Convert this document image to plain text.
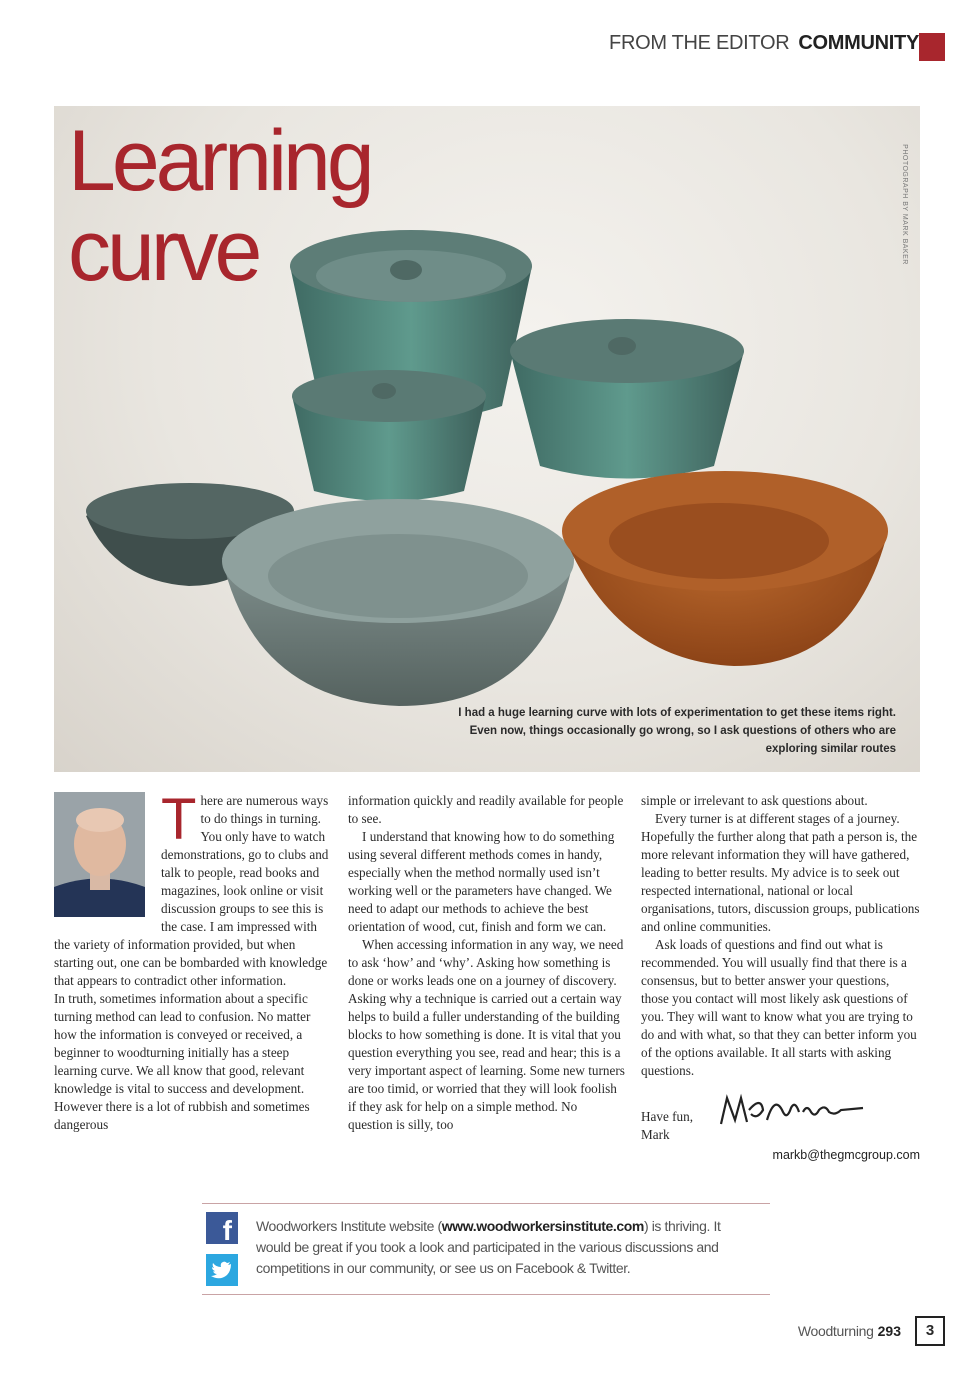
FROM THE EDITOR COMMUNITY
Learning
curve	PHOTOGRAPH BY MARK BAKER
I had a huge learning curve with lots of experimentation to get these items right. Even now, things occasionally go wrong, so I ask questions of others who are exploring similar routes
T here are numerous ways to do things in turning. You only have to watch demonstrations, go to clubs and talk to people, read books and magazines, look online or visit discussion groups to see this is the case. I am impressed with the variety of information provided, but when starting out, one can be bombarded with knowledge that appears to contradict other information.

In truth, sometimes information about a specific turning method can lead to confusion. No matter how the information is conveyed or received, a beginner to woodturning initially has a steep learning curve. We all know that good, relevant knowledge is vital to success and development. However there is a lot of rubbish and sometimes dangerous

information quickly and readily available for people to see.

I understand that knowing how to do something using several different methods comes in handy, especially when the method normally used isn’t working well or the parameters have changed. We need to adapt our methods to achieve the best orientation of wood, cut, finish and form we can.

When accessing information in any way, we need to ask ‘how’ and ‘why’. Asking how something is done or works leads one on a journey of discovery. Asking why a technique is carried out a certain way helps to build a fuller understanding of the building blocks to how something is done. It is vital that you question everything you see, read and hear; this is a very important aspect of learning. Some new turners are too timid, or worried that they will look foolish if they ask for help on a simple method. No question is silly, too

simple or irrelevant to ask questions about.

Every turner is at different stages of a journey. Hopefully the further along that path a person is, the more relevant information they will have gathered, leading to better results. My advice is to seek out respected international, national or local organisations, tutors, discussion groups, publications and online communities.

Ask loads of questions and find out what is recommended. You will usually find that there is a consensus, but to better answer your questions, those you contact will most likely ask questions of you. They will want to know what you are trying to do and with what, so that they can better inform you of the options available. It all starts with asking questions.

Have fun,
Mark
markb@thegmcgroup.com
f	Woodworkers Institute website (www.woodworkersinstitute.com) is thriving. It would be great if you took a look and participated in the various discussions and competitions in our community, or see us on Facebook & Twitter.
Woodturning 293	3
